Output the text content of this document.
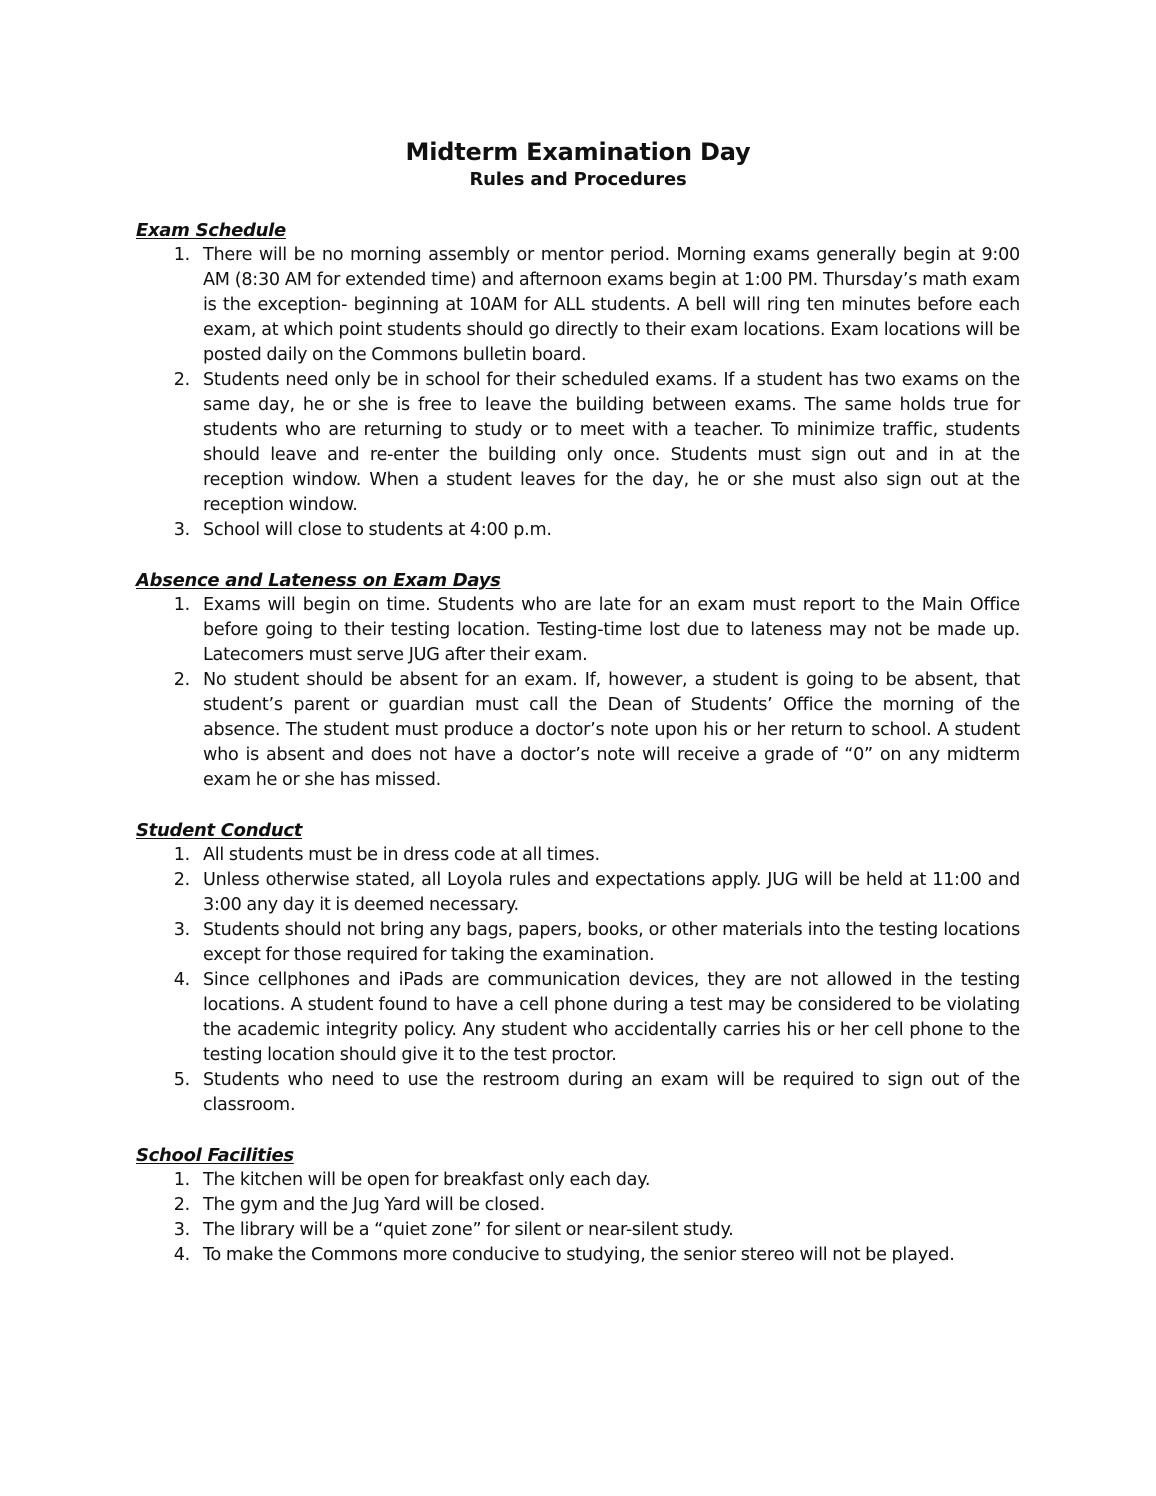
Midterm Examination Day
Rules and Procedures
Exam Schedule
1. There will be no morning assembly or mentor period. Morning exams generally begin at 9:00 AM (8:30 AM for extended time) and afternoon exams begin at 1:00 PM. Thursday’s math exam is the exception- beginning at 10AM for ALL students. A bell will ring ten minutes before each exam, at which point students should go directly to their exam locations. Exam locations will be posted daily on the Commons bulletin board.
2. Students need only be in school for their scheduled exams. If a student has two exams on the same day, he or she is free to leave the building between exams. The same holds true for students who are returning to study or to meet with a teacher. To minimize traffic, students should leave and re-enter the building only once. Students must sign out and in at the reception window. When a student leaves for the day, he or she must also sign out at the reception window.
3. School will close to students at 4:00 p.m.
Absence and Lateness on Exam Days
1. Exams will begin on time. Students who are late for an exam must report to the Main Office before going to their testing location. Testing-time lost due to lateness may not be made up. Latecomers must serve JUG after their exam.
2. No student should be absent for an exam. If, however, a student is going to be absent, that student’s parent or guardian must call the Dean of Students’ Office the morning of the absence. The student must produce a doctor’s note upon his or her return to school. A student who is absent and does not have a doctor’s note will receive a grade of “0” on any midterm exam he or she has missed.
Student Conduct
1. All students must be in dress code at all times.
2. Unless otherwise stated, all Loyola rules and expectations apply. JUG will be held at 11:00 and 3:00 any day it is deemed necessary.
3. Students should not bring any bags, papers, books, or other materials into the testing locations except for those required for taking the examination.
4. Since cellphones and iPads are communication devices, they are not allowed in the testing locations. A student found to have a cell phone during a test may be considered to be violating the academic integrity policy. Any student who accidentally carries his or her cell phone to the testing location should give it to the test proctor.
5. Students who need to use the restroom during an exam will be required to sign out of the classroom.
School Facilities
1. The kitchen will be open for breakfast only each day.
2. The gym and the Jug Yard will be closed.
3. The library will be a “quiet zone” for silent or near-silent study.
4. To make the Commons more conducive to studying, the senior stereo will not be played.
